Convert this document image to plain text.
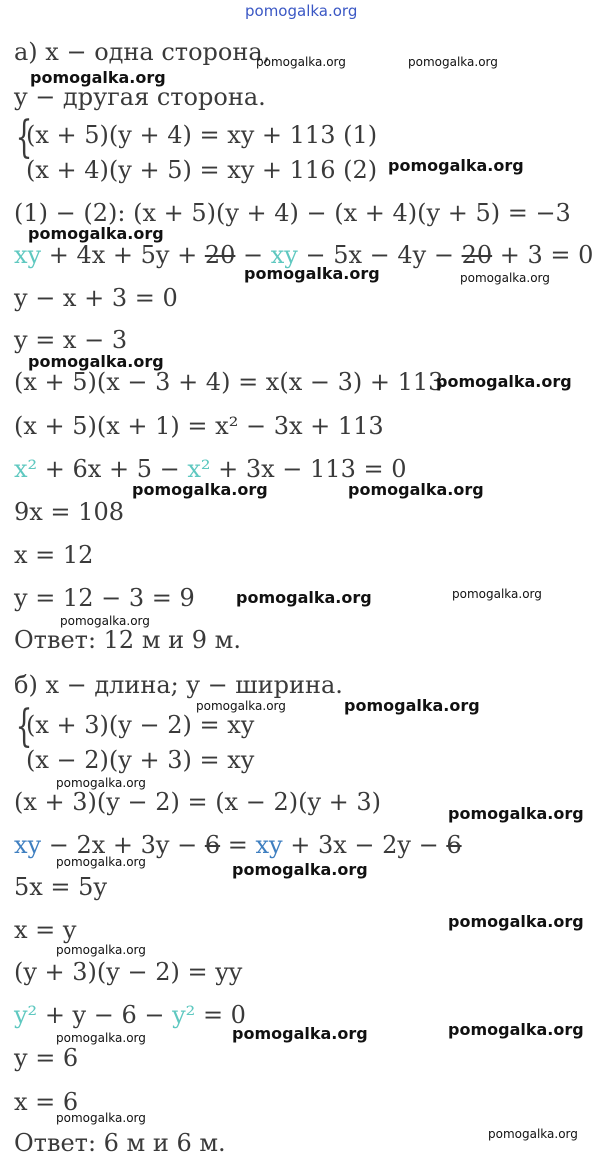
pomogalka.org
а) x − одна сторона,
y − другая сторона.
{
(x + 5)(y + 4) = xy + 113 (1)
(x + 4)(y + 5) = xy + 116 (2)
(1) − (2): (x + 5)(y + 4) − (x + 4)(y + 5) = −3
xy + 4x + 5y + 20 − xy − 5x − 4y − 20 + 3 = 0
y − x + 3 = 0
y = x − 3
(x + 5)(x − 3 + 4) = x(x − 3) + 113
(x + 5)(x + 1) = x² − 3x + 113
x² + 6x + 5 − x² + 3x − 113 = 0
9x = 108
x = 12
y = 12 − 3 = 9
Ответ: 12 м и 9 м.
б) x − длина; y − ширина.
{
(x + 3)(y − 2) = xy
(x − 2)(y + 3) = xy
(x + 3)(y − 2) = (x − 2)(y + 3)
xy − 2x + 3y − 6 = xy + 3x − 2y − 6
5x = 5y
x = y
(y + 3)(y − 2) = yy
y² + y − 6 − y² = 0
y = 6
x = 6
Ответ: 6 м и 6 м.
pomogalka.org	pomogalka.org
pomogalka.org
pomogalka.org
pomogalka.org
pomogalka.org	pomogalka.org
pomogalka.org
pomogalka.org
pomogalka.org	pomogalka.org
pomogalka.org	pomogalka.org
pomogalka.org
pomogalka.org	pomogalka.org
pomogalka.org
pomogalka.org
pomogalka.org	pomogalka.org
pomogalka.org
pomogalka.org
pomogalka.org	pomogalka.org
pomogalka.org
pomogalka.org
pomogalka.org
